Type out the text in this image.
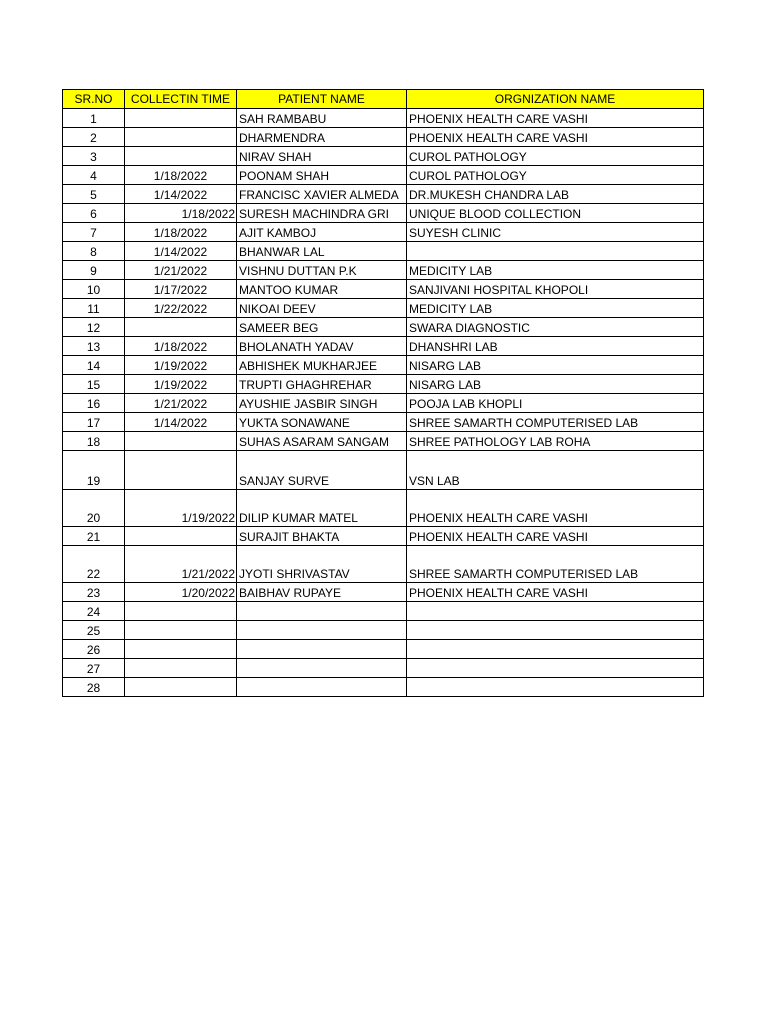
SR.NO	COLLECTIN TIME	PATIENT NAME	ORGNIZATION NAME
1		SAH RAMBABU	PHOENIX HEALTH CARE VASHI
2		DHARMENDRA	PHOENIX HEALTH CARE VASHI
3		NIRAV SHAH	CUROL PATHOLOGY
4	1/18/2022	POONAM SHAH	CUROL PATHOLOGY
5	1/14/2022	FRANCISC XAVIER ALMEDA	DR.MUKESH CHANDRA LAB
6	1/18/2022	SURESH MACHINDRA GRI	UNIQUE BLOOD COLLECTION
7	1/18/2022	AJIT KAMBOJ	SUYESH CLINIC
8	1/14/2022	BHANWAR LAL	
9	1/21/2022	VISHNU DUTTAN P.K	MEDICITY LAB
10	1/17/2022	MANTOO KUMAR	SANJIVANI HOSPITAL KHOPOLI
11	1/22/2022	NIKOAI DEEV	MEDICITY LAB
12		SAMEER BEG	SWARA DIAGNOSTIC
13	1/18/2022	BHOLANATH YADAV	DHANSHRI LAB
14	1/19/2022	ABHISHEK MUKHARJEE	NISARG LAB
15	1/19/2022	TRUPTI GHAGHREHAR	NISARG LAB
16	1/21/2022	AYUSHIE JASBIR SINGH	POOJA LAB KHOPLI
17	1/14/2022	YUKTA SONAWANE	SHREE SAMARTH COMPUTERISED LAB
18		SUHAS ASARAM SANGAM	SHREE PATHOLOGY LAB ROHA
19		SANJAY SURVE	VSN LAB
20	1/19/2022	DILIP KUMAR MATEL	PHOENIX HEALTH CARE VASHI
21		SURAJIT BHAKTA	PHOENIX HEALTH CARE VASHI
22	1/21/2022	JYOTI SHRIVASTAV	SHREE SAMARTH COMPUTERISED LAB
23	1/20/2022	BAIBHAV RUPAYE	PHOENIX HEALTH CARE VASHI
24			
25			
26			
27			
28			
